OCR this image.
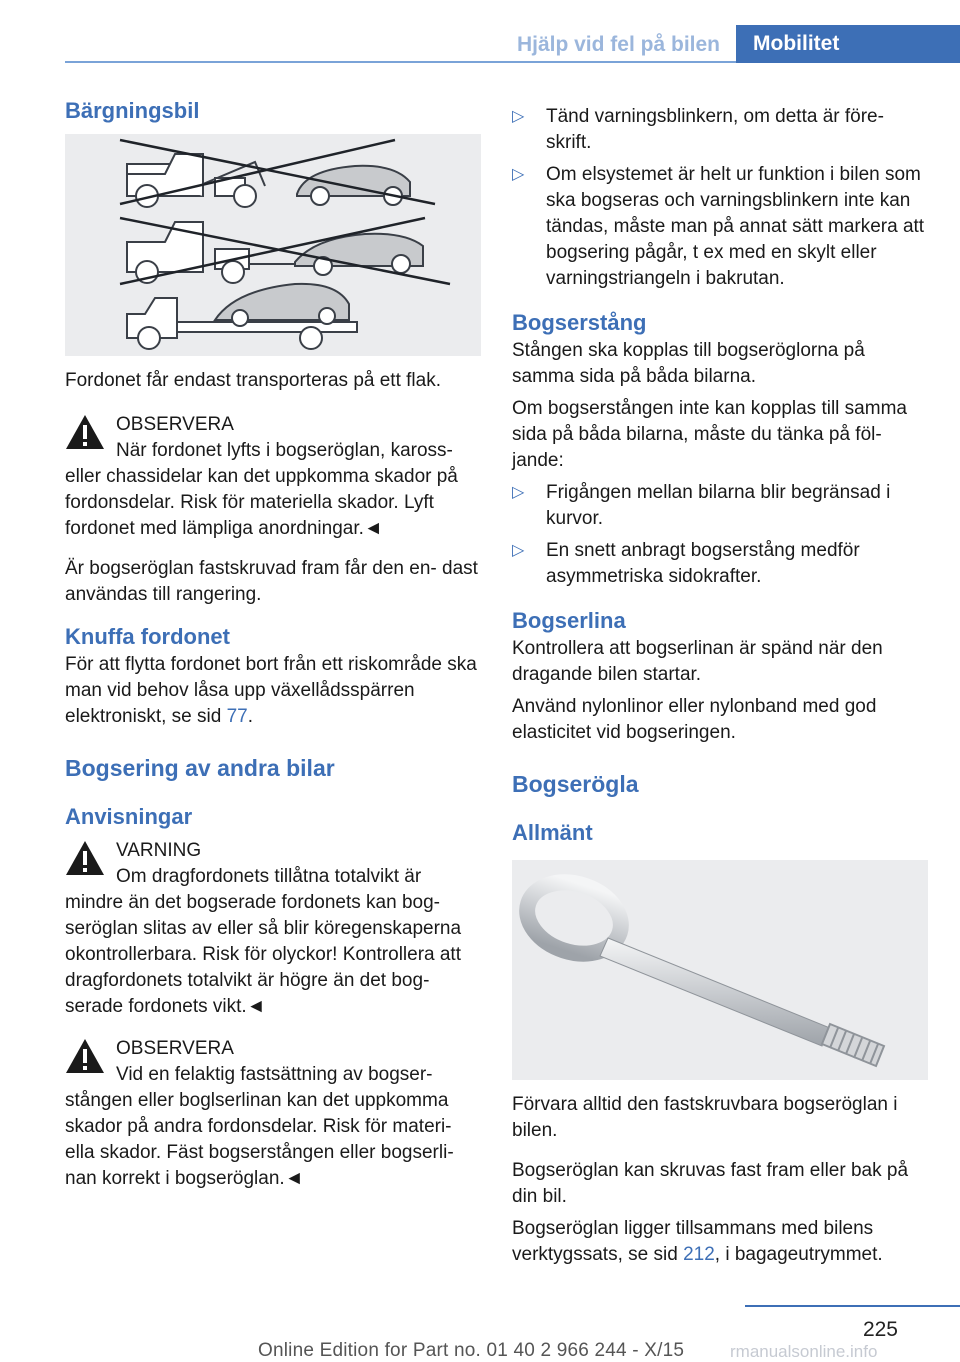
Hjälp vid fel på bilen	Mobilitet
Bärgningsbil

Fordonet får endast transporteras på ett flak.

OBSERVERA

När fordonet lyfts i bogseröglan, kaross- eller chassidelar kan det uppkomma skador på fordonsdelar. Risk för materiella skador. Lyft fordonet med lämpliga anordningar.◄

Är bogseröglan fastskruvad fram får den en- dast användas till rangering.

Knuffa fordonet

För att flytta fordonet bort från ett riskområde ska man vid behov låsa upp växellådsspärren elektroniskt, se sid 77.

Bogsering av andra bilar
Anvisningar

VARNING

Om dragfordonets tillåtna totalvikt är mindre än det bogserade fordonets kan bog- seröglan slitas av eller så blir köregenskaperna okontrollerbara. Risk för olyckor! Kontrollera att dragfordonets totalvikt är högre än det bog- serade fordonets vikt.◄

OBSERVERA

Vid en felaktig fastsättning av bogser- stången eller boglserlinan kan det uppkomma skador på andra fordonsdelar. Risk för materi- ella skador. Fäst bogserstången eller bogserli- nan korrekt i bogseröglan.◄

▷ Tänd varningsblinkern, om detta är före- skrift.
▷ Om elsystemet är helt ur funktion i bilen som ska bogseras och varningsblinkern inte kan tändas, måste man på annat sätt markera att bogsering pågår, t ex med en skylt eller varningstriangeln i bakrutan.
Bogserstång

Stången ska kopplas till bogseröglorna på samma sida på båda bilarna.

Om bogserstången inte kan kopplas till samma sida på båda bilarna, måste du tänka på föl- jande:

▷ Frigången mellan bilarna blir begränsad i kurvor.
▷ En snett anbragt bogserstång medför asymmetriska sidokrafter.
Bogserlina

Kontrollera att bogserlinan är spänd när den dragande bilen startar.

Använd nylonlinor eller nylonband med god elasticitet vid bogseringen.

Bogserögla
Allmänt

Förvara alltid den fastskruvbara bogseröglan i bilen.

Bogseröglan kan skruvas fast fram eller bak på din bil.

Bogseröglan ligger tillsammans med bilens verktygssats, se sid 212, i bagageutrymmet.

225
Online Edition for Part no. 01 40 2 966 244 - X/15	rmanualsonline.info
